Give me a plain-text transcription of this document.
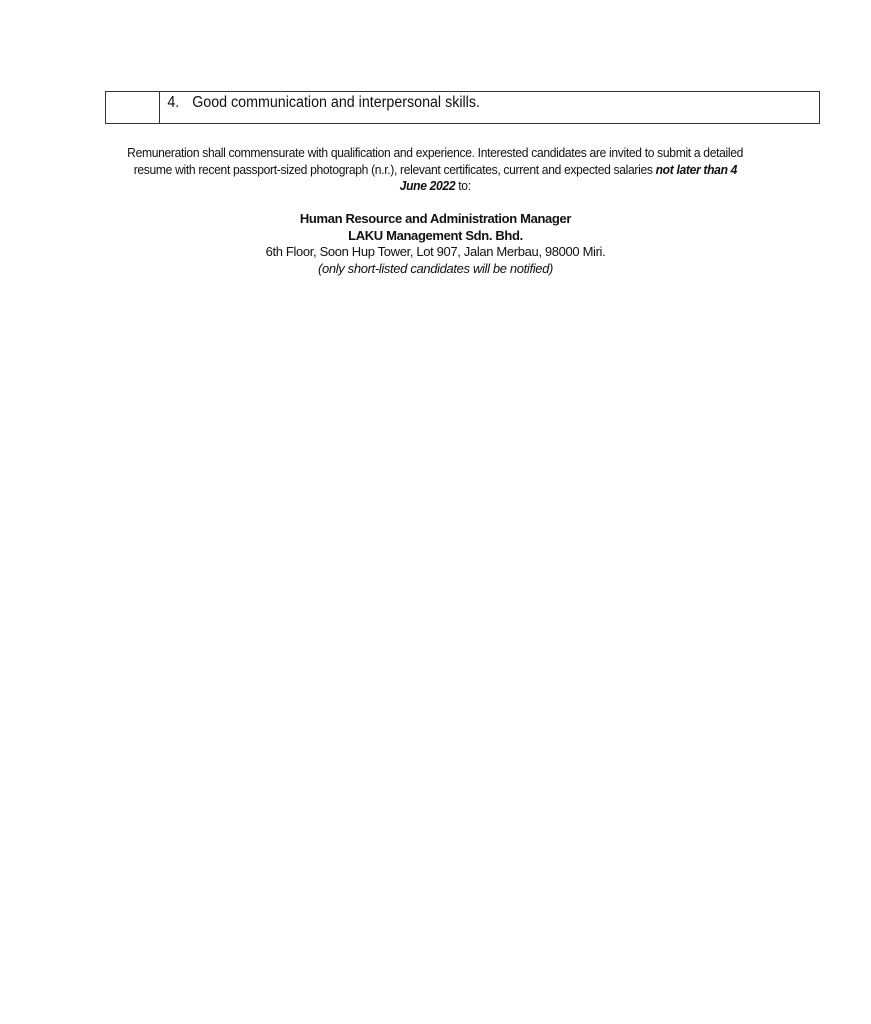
4. Good communication and interpersonal skills.
Remuneration shall commensurate with qualification and experience. Interested candidates are invited to submit a detailed
resume with recent passport-sized photograph (n.r.), relevant certificates, current and expected salaries not later than 4
June 2022 to:
Human Resource and Administration Manager
LAKU Management Sdn. Bhd.
6th Floor, Soon Hup Tower, Lot 907, Jalan Merbau, 98000 Miri.
(only short-listed candidates will be notified)
